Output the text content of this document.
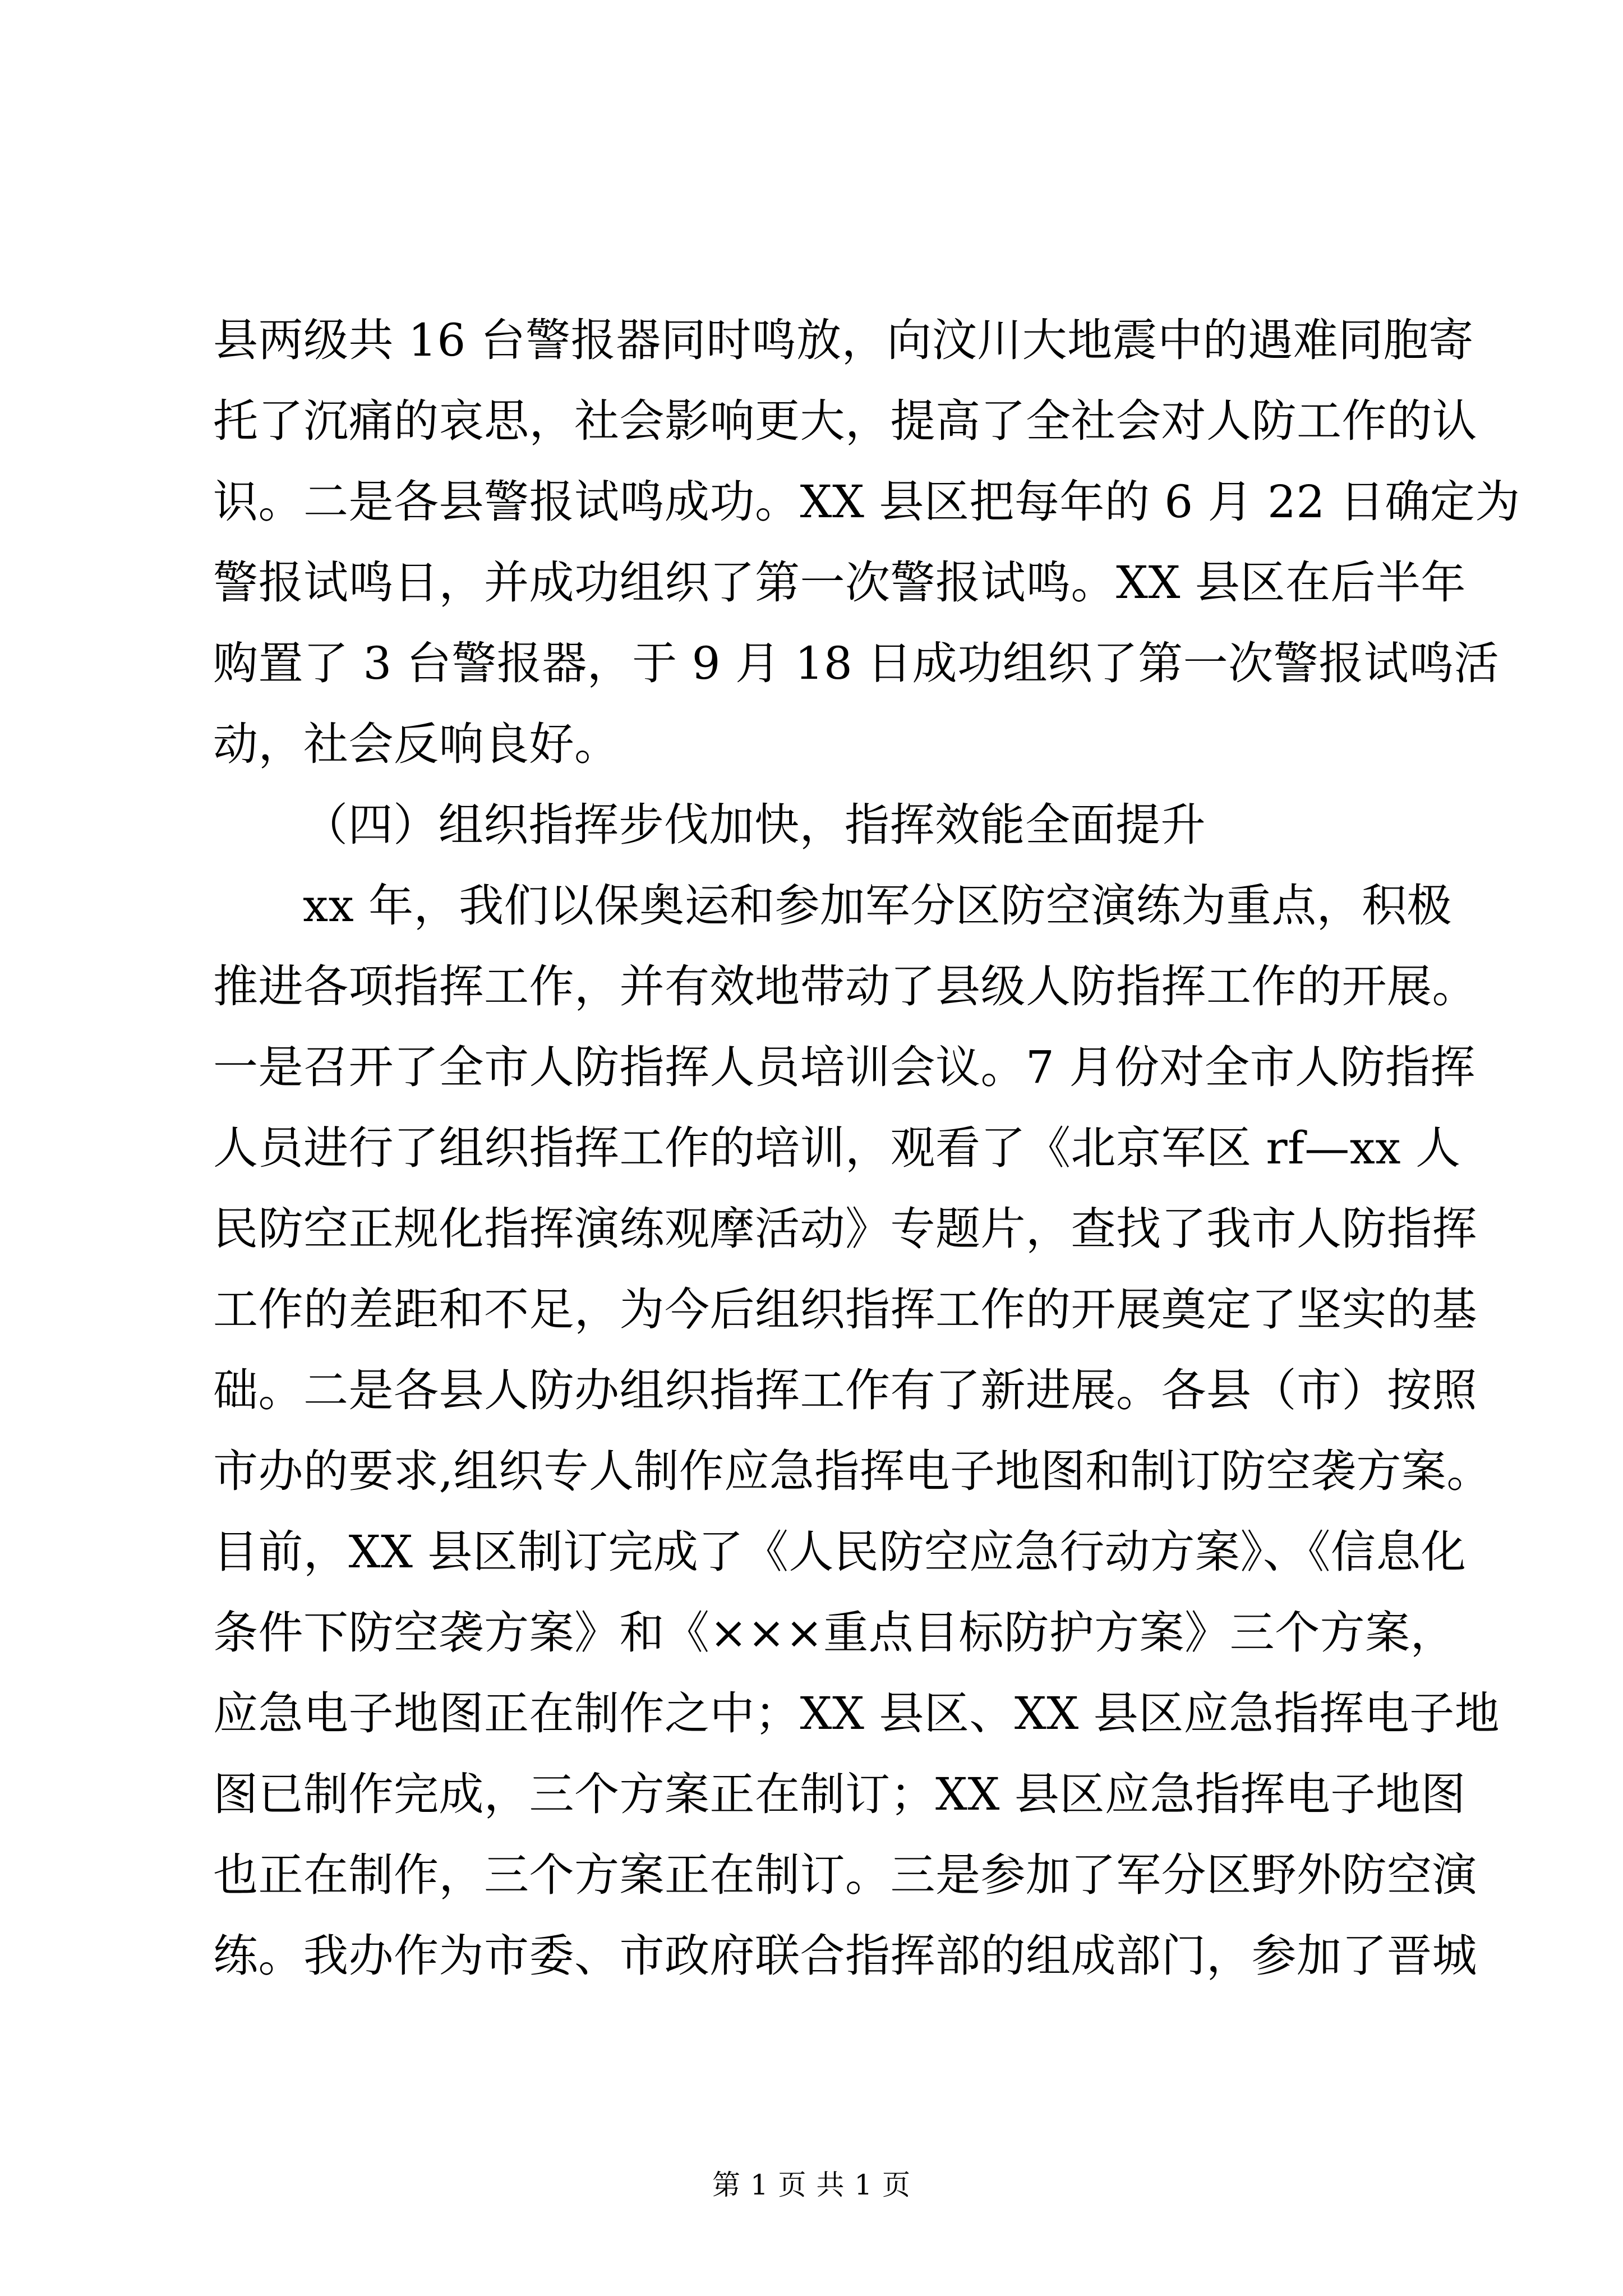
县两级共 16 台警报器同时鸣放，向汶川大地震中的遇难同胞寄
托了沉痛的哀思，社会影响更大，提高了全社会对人防工作的认
识。二是各县警报试鸣成功。XX 县区把每年的 6 月 22 日确定为
警报试鸣日，并成功组织了第一次警报试鸣。XX 县区在后半年
购置了 3 台警报器，于 9 月 18 日成功组织了第一次警报试鸣活
动，社会反响良好。
（四）组织指挥步伐加快，指挥效能全面提升
xx 年，我们以保奥运和参加军分区防空演练为重点，积极
推进各项指挥工作，并有效地带动了县级人防指挥工作的开展。
一是召开了全市人防指挥人员培训会议。7 月份对全市人防指挥
人员进行了组织指挥工作的培训，观看了《北京军区 rf—xx 人
民防空正规化指挥演练观摩活动》专题片，查找了我市人防指挥
工作的差距和不足，为今后组织指挥工作的开展奠定了坚实的基
础。二是各县人防办组织指挥工作有了新进展。各县（市）按照
市办的要求,组织专人制作应急指挥电子地图和制订防空袭方案。
目前，XX 县区制订完成了《人民防空应急行动方案》、《信息化
条件下防空袭方案》和《×××重点目标防护方案》三个方案，
应急电子地图正在制作之中；XX 县区、XX 县区应急指挥电子地
图已制作完成，三个方案正在制订；XX 县区应急指挥电子地图
也正在制作，三个方案正在制订。三是参加了军分区野外防空演
练。我办作为市委、市政府联合指挥部的组成部门，参加了晋城
第 1 页 共 1 页
